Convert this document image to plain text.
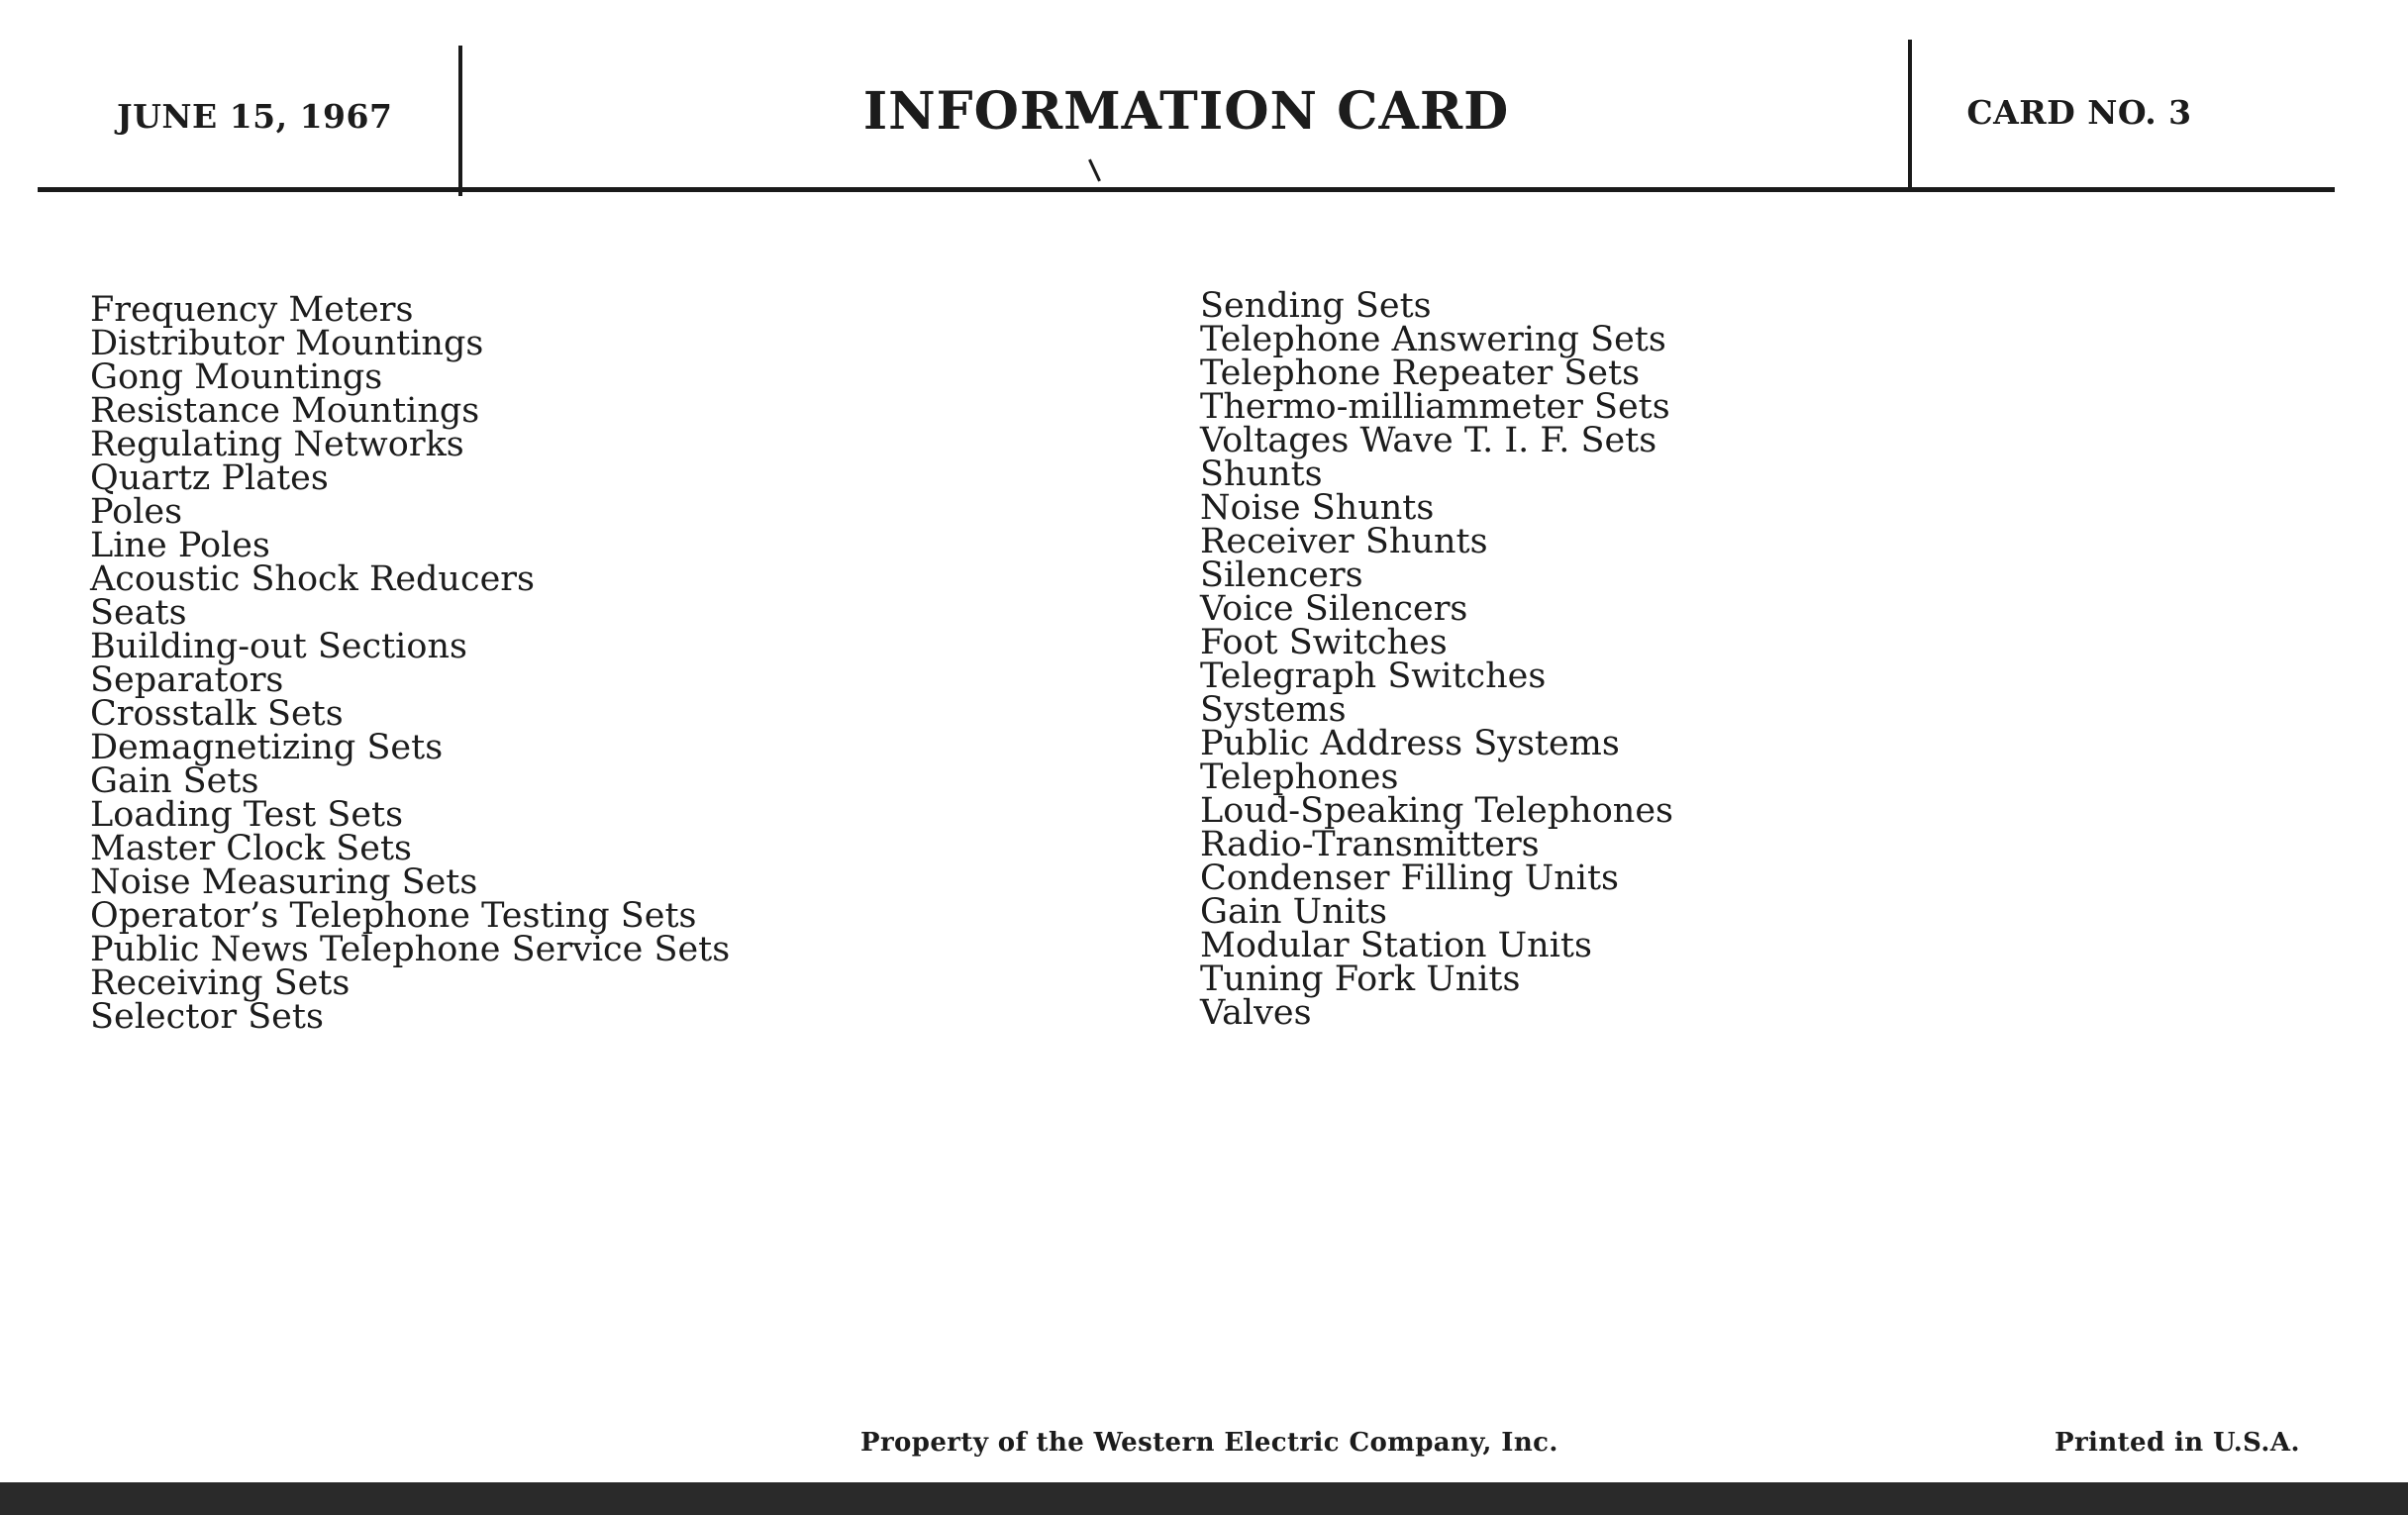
JUNE 15, 1967	INFORMATION CARD	CARD NO. 3
Frequency Meters
Distributor Mountings
Gong Mountings
Resistance Mountings
Regulating Networks
Quartz Plates
Poles
Line Poles
Acoustic Shock Reducers
Seats
Building-out Sections
Separators
Crosstalk Sets
Demagnetizing Sets
Gain Sets
Loading Test Sets
Master Clock Sets
Noise Measuring Sets
Operator’s Telephone Testing Sets
Public News Telephone Service Sets
Receiving Sets
Selector Sets
Sending Sets
Telephone Answering Sets
Telephone Repeater Sets
Thermo-milliammeter Sets
Voltages Wave T. I. F. Sets
Shunts
Noise Shunts
Receiver Shunts
Silencers
Voice Silencers
Foot Switches
Telegraph Switches
Systems
Public Address Systems
Telephones
Loud-Speaking Telephones
Radio-Transmitters
Condenser Filling Units
Gain Units
Modular Station Units
Tuning Fork Units
Valves
Property of the Western Electric Company, Inc.	Printed in U.S.A.
